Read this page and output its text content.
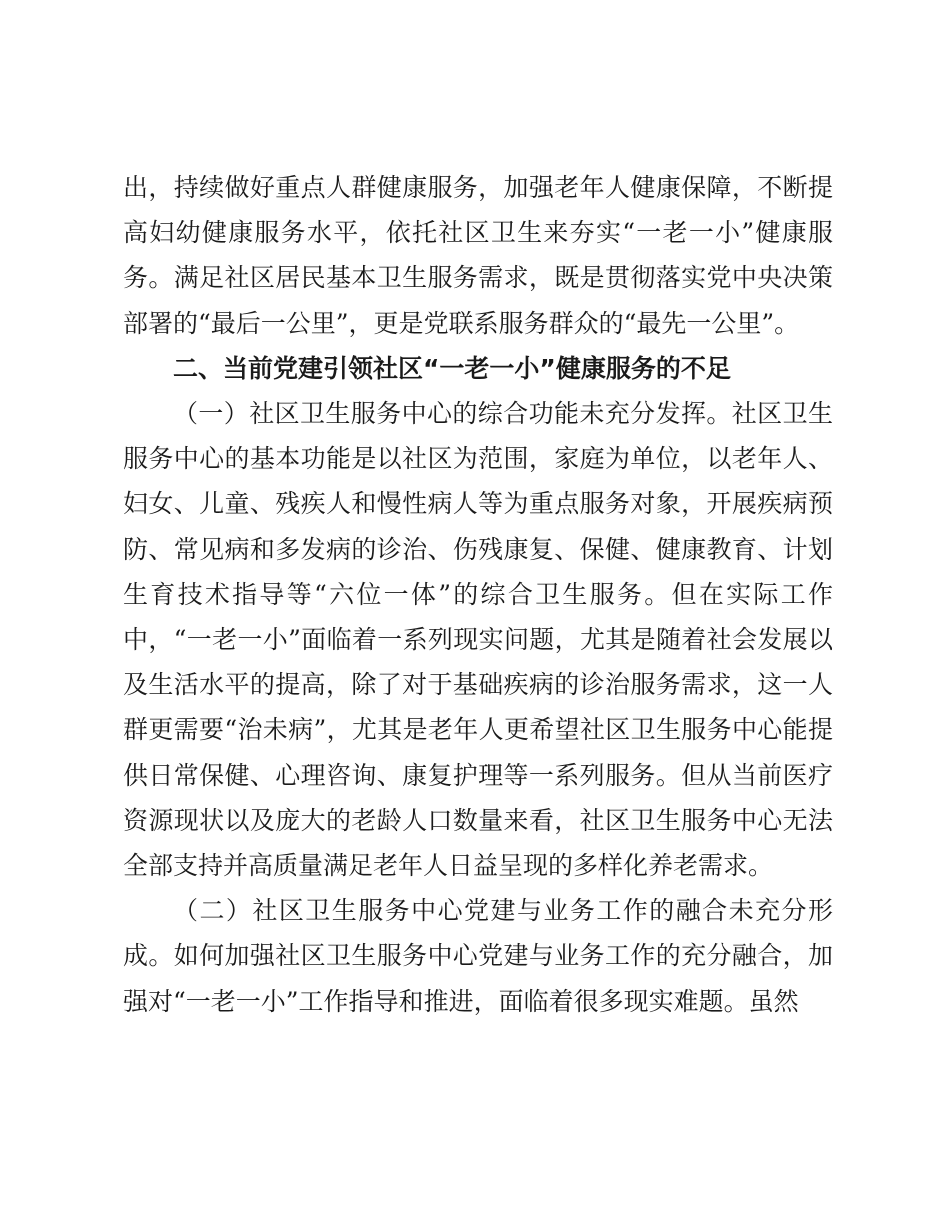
出，持续做好重点人群健康服务，加强老年人健康保障，不断提高妇幼健康服务水平，依托社区卫生来夯实“一老一小”健康服务。满足社区居民基本卫生服务需求，既是贯彻落实党中央决策部署的“最后一公里”，更是党联系服务群众的“最先一公里”。

二、当前党建引领社区“一老一小”健康服务的不足

（一）社区卫生服务中心的综合功能未充分发挥。社区卫生服务中心的基本功能是以社区为范围，家庭为单位，以老年人、妇女、儿童、残疾人和慢性病人等为重点服务对象，开展疾病预防、常见病和多发病的诊治、伤残康复、保健、健康教育、计划生育技术指导等“六位一体”的综合卫生服务。但在实际工作中，“一老一小”面临着一系列现实问题，尤其是随着社会发展以及生活水平的提高，除了对于基础疾病的诊治服务需求，这一人群更需要“治未病”，尤其是老年人更希望社区卫生服务中心能提供日常保健、心理咨询、康复护理等一系列服务。但从当前医疗资源现状以及庞大的老龄人口数量来看，社区卫生服务中心无法全部支持并高质量满足老年人日益呈现的多样化养老需求。

（二）社区卫生服务中心党建与业务工作的融合未充分形成。如何加强社区卫生服务中心党建与业务工作的充分融合，加强对“一老一小”工作指导和推进，面临着很多现实难题。虽然
